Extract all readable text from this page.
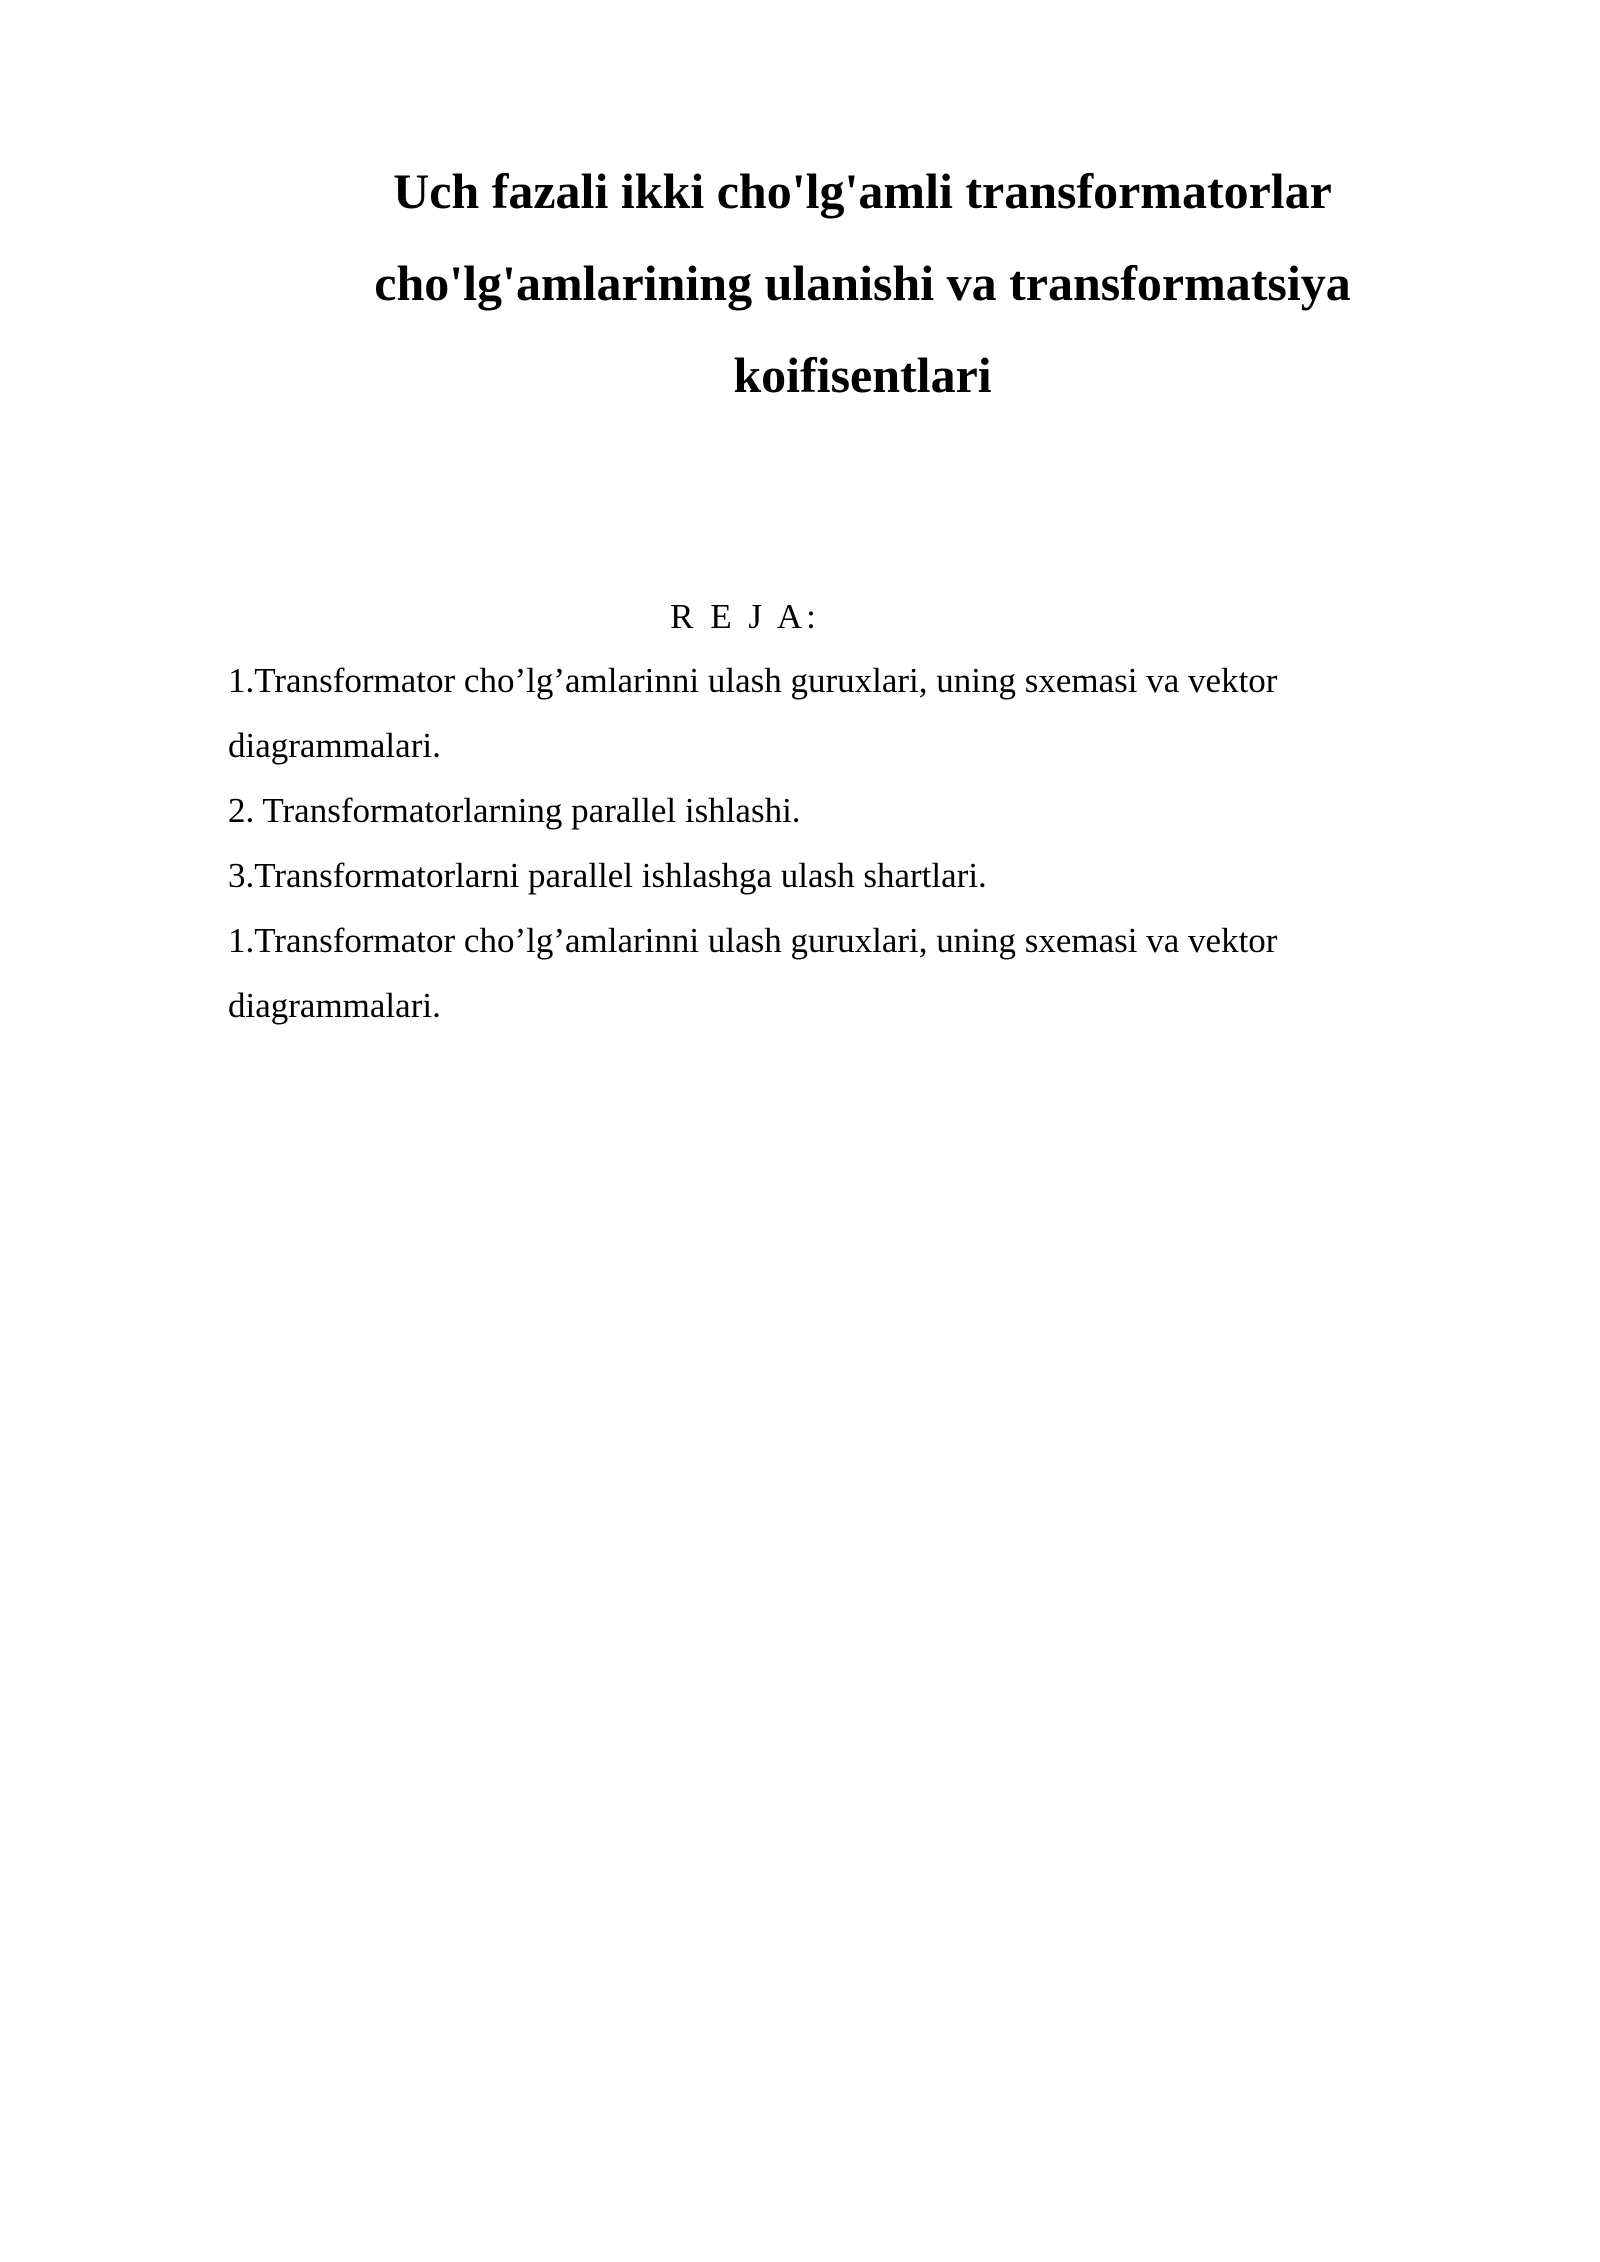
Uch fazali ikki cho'lg'amli transformatorlar
cho'lg'amlarining ulanishi va transformatsiya
koifisentlari
R E J A:
1.Transformator cho’lg’amlarinni ulash guruxlari, uning sxemasi va vektor diagrammalari.
2. Transformatorlarning parallel ishlashi.
3.Transformatorlarni parallel ishlashga ulash shartlari.
1.Transformator cho’lg’amlarinni ulash guruxlari, uning sxemasi va vektor diagrammalari.
